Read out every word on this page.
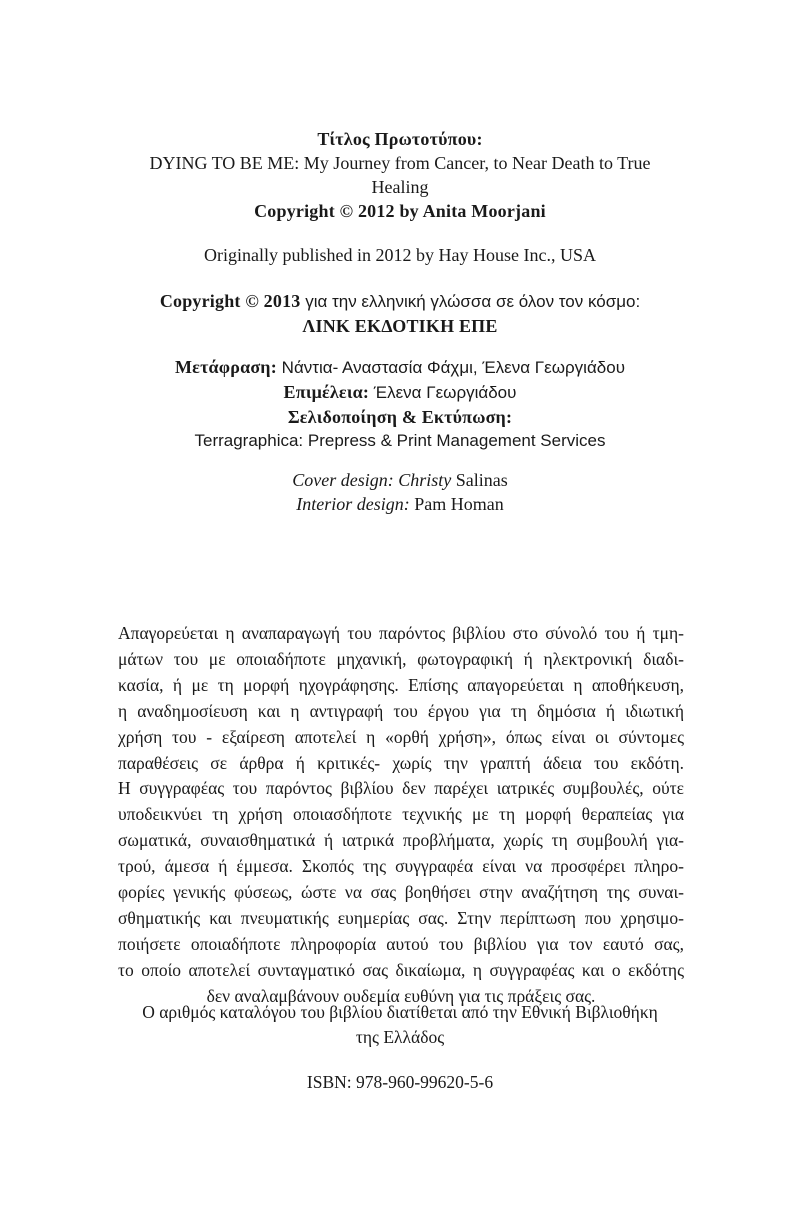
Τίτλος Πρωτοτύπου:
DYING TO BE ME: My Journey from Cancer, to Near Death to True
Healing
Copyright © 2012 by Anita Moorjani
Originally published in 2012 by Hay House Inc., USA
Copyright © 2013 για την ελληνική γλώσσα σε όλον τον κόσμο:
ΛΙΝΚ ΕΚΔΟΤΙΚΗ ΕΠΕ
Μετάφραση: Νάντια- Αναστασία Φάχμι, Έλενα Γεωργιάδου
Επιμέλεια: Έλενα Γεωργιάδου
Σελιδοποίηση & Εκτύπωση:
Terragraphica: Prepress & Print Management Services
Cover design: Christy Salinas
Interior design: Pam Homan
Απαγορεύεται η αναπαραγωγή του παρόντος βιβλίου στο σύνολό του ή τμη-
μάτων του με οποιαδήποτε μηχανική, φωτογραφική ή ηλεκτρονική διαδι-
κασία, ή με τη μορφή ηχογράφησης. Επίσης απαγορεύεται η αποθήκευση,
η αναδημοσίευση και η αντιγραφή του έργου για τη δημόσια ή ιδιωτική
χρήση του - εξαίρεση αποτελεί η «ορθή χρήση», όπως είναι οι σύντομες
παραθέσεις σε άρθρα ή κριτικές- χωρίς την γραπτή άδεια του εκδότη.
Η συγγραφέας του παρόντος βιβλίου δεν παρέχει ιατρικές συμβουλές, ούτε
υποδεικνύει τη χρήση οποιασδήποτε τεχνικής με τη μορφή θεραπείας για
σωματικά, συναισθηματικά ή ιατρικά προβλήματα, χωρίς τη συμβουλή για-
τρού, άμεσα ή έμμεσα. Σκοπός της συγγραφέα είναι να προσφέρει πληρο-
φορίες γενικής φύσεως, ώστε να σας βοηθήσει στην αναζήτηση της συναι-
σθηματικής και πνευματικής ευημερίας σας. Στην περίπτωση που χρησιμο-
ποιήσετε οποιαδήποτε πληροφορία αυτού του βιβλίου για τον εαυτό σας,
το οποίο αποτελεί συνταγματικό σας δικαίωμα, η συγγραφέας και ο εκδότης
δεν αναλαμβάνουν ουδεμία ευθύνη για τις πράξεις σας.
Ο αριθμός καταλόγου του βιβλίου διατίθεται από την Εθνική Βιβλιοθήκη
της Ελλάδος
ISBN: 978-960-99620-5-6
